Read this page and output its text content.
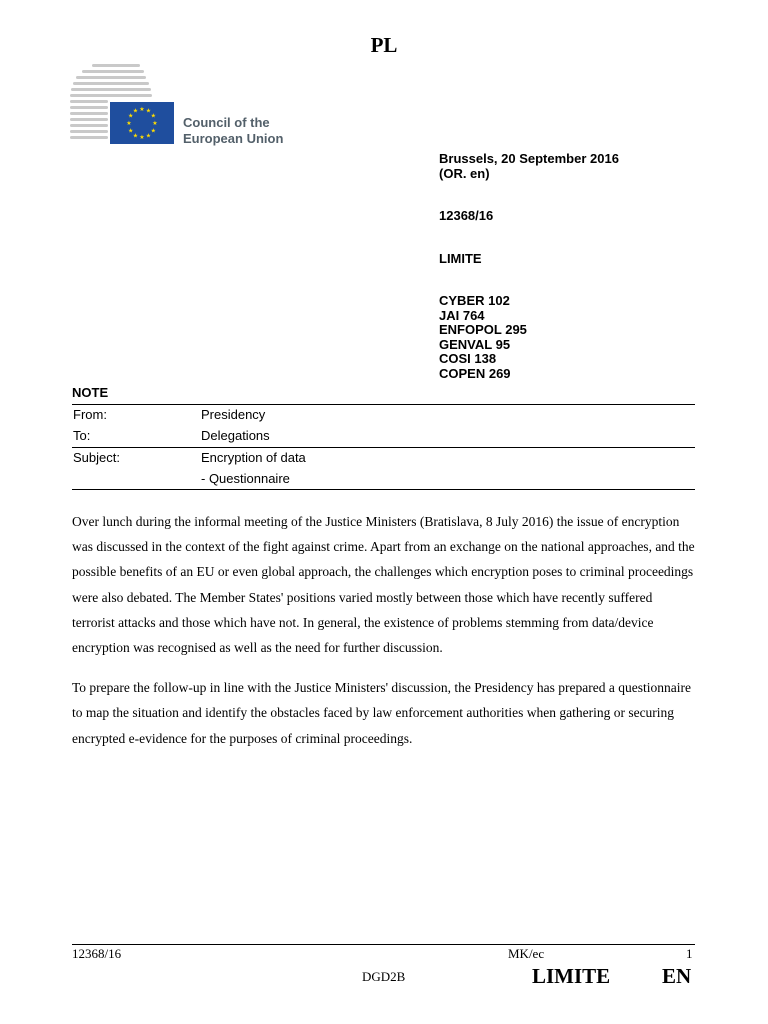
PL
★ ★
★
★
★
★
★
★
★
★
★
★
Council of the
European Union
Brussels, 20 September 2016
(OR. en)
12368/16
LIMITE
CYBER 102
JAI 764
ENFOPOL 295
GENVAL 95
COSI 138
COPEN 269
NOTE
From:	Presidency
To:	Delegations
Subject:	Encryption of data
- Questionnaire

Over lunch during the informal meeting of the Justice Ministers (Bratislava, 8 July 2016) the issue of encryption was discussed in the context of the fight against crime. Apart from an exchange on the national approaches, and the possible benefits of an EU or even global approach, the challenges which encryption poses to criminal proceedings were also debated. The Member States' positions varied mostly between those which have recently suffered terrorist attacks and those which have not. In general, the existence of problems stemming from data/device encryption was recognised as well as the need for further discussion.

To prepare the follow-up in line with the Justice Ministers' discussion, the Presidency has prepared a questionnaire to map the situation and identify the obstacles faced by law enforcement authorities when gathering or securing encrypted e-evidence for the purposes of criminal proceedings.

12368/16	MK/ec	1
DGD2B	LIMITE EN
